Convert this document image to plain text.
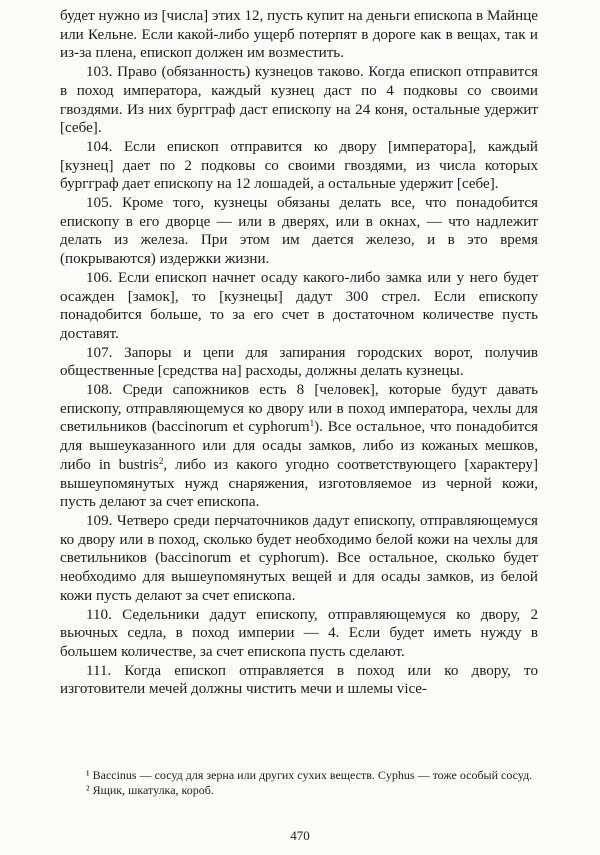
будет нужно из [числа] этих 12, пусть купит на деньги епископа в Майнце или Кельне. Если какой-либо ущерб потерпят в дороге как в вещах, так и из-за плена, епископ должен им возместить.

103. Право (обязанность) кузнецов таково. Когда епископ отправится в поход императора, каждый кузнец даст по 4 подковы со своими гвоздями. Из них бургграф даст епископу на 24 коня, остальные удержит [себе].

104. Если епископ отправится ко двору [императора], каждый [кузнец] дает по 2 подковы со своими гвоздями, из числа которых бургграф дает епископу на 12 лошадей, а остальные удержит [себе].

105. Кроме того, кузнецы обязаны делать все, что понадобится епископу в его дворце — или в дверях, или в окнах, — что надлежит делать из железа. При этом им дается железо, и в это время (покрываются) издержки жизни.

106. Если епископ начнет осаду какого-либо замка или у него будет осажден [замок], то [кузнецы] дадут 300 стрел. Если епископу понадобится больше, то за его счет в достаточном количестве пусть доставят.

107. Запоры и цепи для запирания городских ворот, получив общественные [средства на] расходы, должны делать кузнецы.

108. Среди сапожников есть 8 [человек], которые будут давать епископу, отправляющемуся ко двору или в поход императора, чехлы для светильников (baccinorum et cyphorum$^1$). Все остальное, что понадобится для вышеуказанного или для осады замков, либо из кожаных мешков, либо in bustris$^2$, либо из какого угодно соответствующего [характеру] вышеупомянутых нужд снаряжения, изготовляемое из черной кожи, пусть делают за счет епископа.

109. Четверо среди перчаточников дадут епископу, отправляющемуся ко двору или в поход, сколько будет необходимо белой кожи на чехлы для светильников (baccinorum et cyphorum). Все остальное, сколько будет необходимо для вышеупомянутых вещей и для осады замков, из белой кожи пусть делают за счет епископа.

110. Седельники дадут епископу, отправляющемуся ко двору, 2 вьючных седла, в поход империи — 4. Если будет иметь нужду в большем количестве, за счет епископа пусть сделают.

111. Когда епископ отправляется в поход или ко двору, то изготовители мечей должны чистить мечи и шлемы vice-

¹ Baccinus — сосуд для зерна или других сухих веществ. Cyphus — тоже особый сосуд.

² Ящик, шкатулка, короб.

470
